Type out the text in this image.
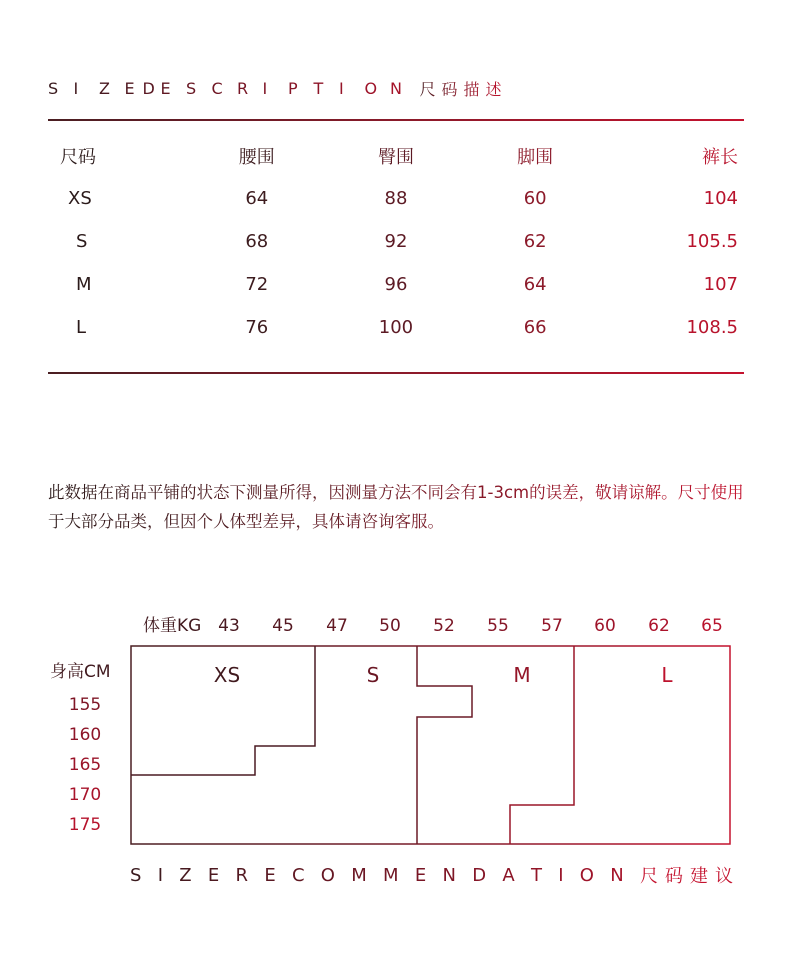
S I	Z E D E S C R I	P T I	O N	尺码描述
尺码	腰围	臀围	脚围	裤长
XS	64	88	60	104
S	68	92	62	105.5
M	72	96	64	107
L	76	100	66	108.5
此数据在商品平铺的状态下测量所得，因测量方法不同会有1-3cm的误差，敬请谅解。尺寸使用于大部分品类，但因个人体型差异，具体请咨询客服。
体重KG 43 45 47 50 52 55 57 60 62 65
身高CM
155
160
165
170
175
XS	S	M	L
S I Z E R E C O M M E N D A T I O N 尺码建议
